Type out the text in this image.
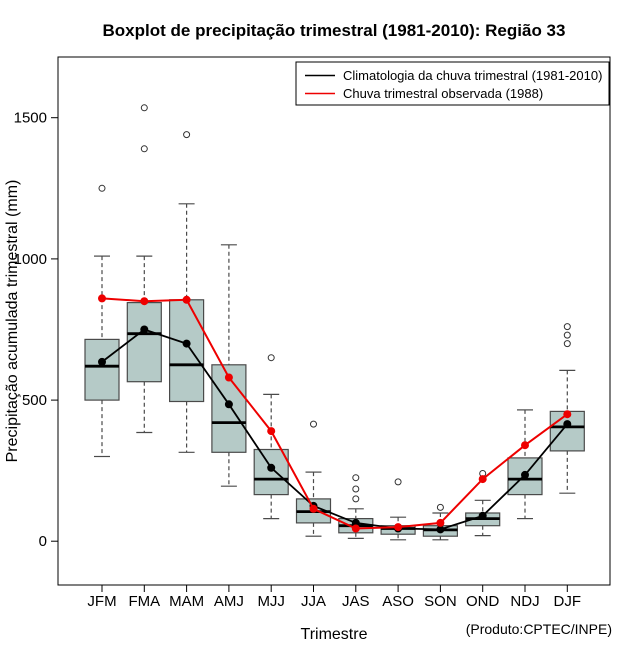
Boxplot de precipitação trimestral (1981-2010): Região 33
Trimestre
Precipitação acumulada trimestral (mm)
(Produto:CPTEC/INPE)
0
500
1000
1500
JFM FMA MAM AMJ MJJ JJA JAS ASO SON OND NDJ DJF
Climatologia da chuva trimestral (1981-2010)
Chuva trimestral observada (1988)
